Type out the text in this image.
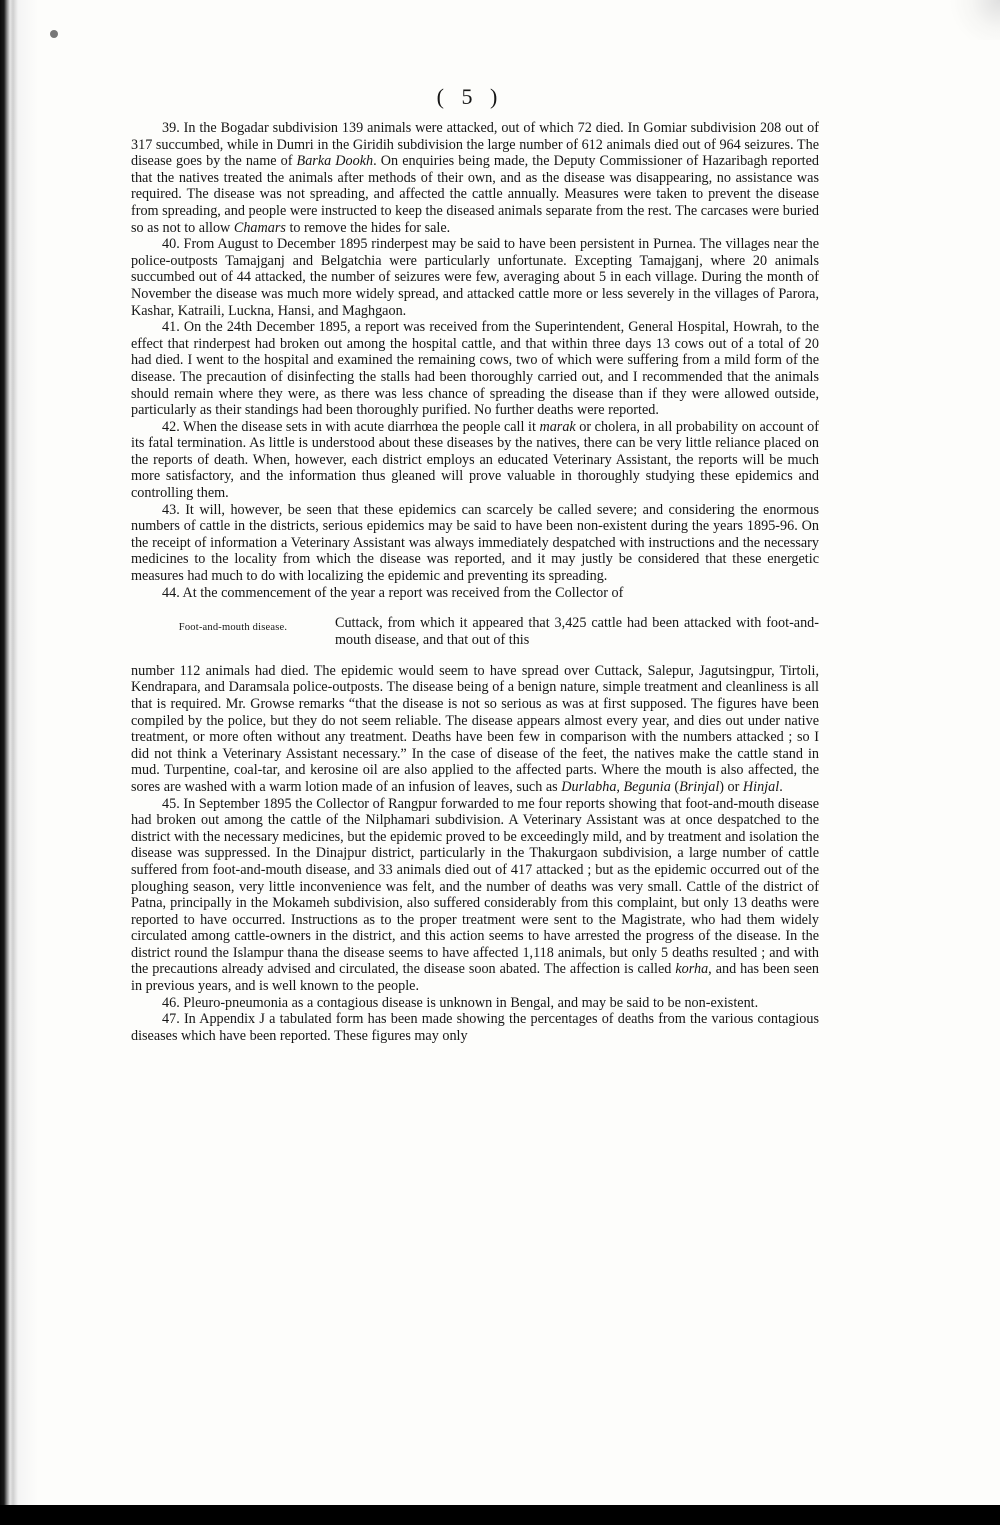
( 5 )

39. In the Bogadar subdivision 139 animals were attacked, out of which 72 died. In Gomiar subdivision 208 out of 317 succumbed, while in Dumri in the Giridih subdivision the large number of 612 animals died out of 964 seizures. The disease goes by the name of Barka Dookh. On enquiries being made, the Deputy Commissioner of Hazaribagh reported that the natives treated the animals after methods of their own, and as the disease was disappearing, no assistance was required. The disease was not spreading, and affected the cattle annually. Measures were taken to prevent the disease from spreading, and people were instructed to keep the diseased animals separate from the rest. The carcases were buried so as not to allow Chamars to remove the hides for sale.

40. From August to December 1895 rinderpest may be said to have been persistent in Purnea. The villages near the police-outposts Tamajganj and Belgatchia were particularly unfortunate. Excepting Tamajganj, where 20 animals succumbed out of 44 attacked, the number of seizures were few, averaging about 5 in each village. During the month of November the disease was much more widely spread, and attacked cattle more or less severely in the villages of Parora, Kashar, Katraili, Luckna, Hansi, and Maghgaon.

41. On the 24th December 1895, a report was received from the Superintendent, General Hospital, Howrah, to the effect that rinderpest had broken out among the hospital cattle, and that within three days 13 cows out of a total of 20 had died. I went to the hospital and examined the remaining cows, two of which were suffering from a mild form of the disease. The precaution of disinfecting the stalls had been thoroughly carried out, and I recommended that the animals should remain where they were, as there was less chance of spreading the disease than if they were allowed outside, particularly as their standings had been thoroughly purified. No further deaths were reported.

42. When the disease sets in with acute diarrhœa the people call it marak or cholera, in all probability on account of its fatal termination. As little is understood about these diseases by the natives, there can be very little reliance placed on the reports of death. When, however, each district employs an educated Veterinary Assistant, the reports will be much more satisfactory, and the information thus gleaned will prove valuable in thoroughly studying these epidemics and controlling them.

43. It will, however, be seen that these epidemics can scarcely be called severe; and considering the enormous numbers of cattle in the districts, serious epidemics may be said to have been non-existent during the years 1895-96. On the receipt of information a Veterinary Assistant was always immediately despatched with instructions and the necessary medicines to the locality from which the disease was reported, and it may justly be considered that these energetic measures had much to do with localizing the epidemic and preventing its spreading.

44. At the commencement of the year a report was received from the Collector of

Foot-and-mouth disease.	Cuttack, from which it appeared that 3,425 cattle had been attacked with foot-and-mouth disease, and that out of this

number 112 animals had died. The epidemic would seem to have spread over Cuttack, Salepur, Jagutsingpur, Tirtoli, Kendrapara, and Daramsala police-outposts. The disease being of a benign nature, simple treatment and cleanliness is all that is required. Mr. Growse remarks “that the disease is not so serious as was at first supposed. The figures have been compiled by the police, but they do not seem reliable. The disease appears almost every year, and dies out under native treatment, or more often without any treatment. Deaths have been few in comparison with the numbers attacked ; so I did not think a Veterinary Assistant necessary.” In the case of disease of the feet, the natives make the cattle stand in mud. Turpentine, coal-tar, and kerosine oil are also applied to the affected parts. Where the mouth is also affected, the sores are washed with a warm lotion made of an infusion of leaves, such as Durlabha, Begunia (Brinjal) or Hinjal.

45. In September 1895 the Collector of Rangpur forwarded to me four reports showing that foot-and-mouth disease had broken out among the cattle of the Nilphamari subdivision. A Veterinary Assistant was at once despatched to the district with the necessary medicines, but the epidemic proved to be exceedingly mild, and by treatment and isolation the disease was suppressed. In the Dinajpur district, particularly in the Thakurgaon subdivision, a large number of cattle suffered from foot-and-mouth disease, and 33 animals died out of 417 attacked ; but as the epidemic occurred out of the ploughing season, very little inconvenience was felt, and the number of deaths was very small. Cattle of the district of Patna, principally in the Mokameh subdivision, also suffered considerably from this complaint, but only 13 deaths were reported to have occurred. Instructions as to the proper treatment were sent to the Magistrate, who had them widely circulated among cattle-owners in the district, and this action seems to have arrested the progress of the disease. In the district round the Islampur thana the disease seems to have affected 1,118 animals, but only 5 deaths resulted ; and with the precautions already advised and circulated, the disease soon abated. The affection is called korha, and has been seen in previous years, and is well known to the people.

46. Pleuro-pneumonia as a contagious disease is unknown in Bengal, and may be said to be non-existent.

47. In Appendix J a tabulated form has been made showing the percentages of deaths from the various contagious diseases which have been reported. These figures may only
